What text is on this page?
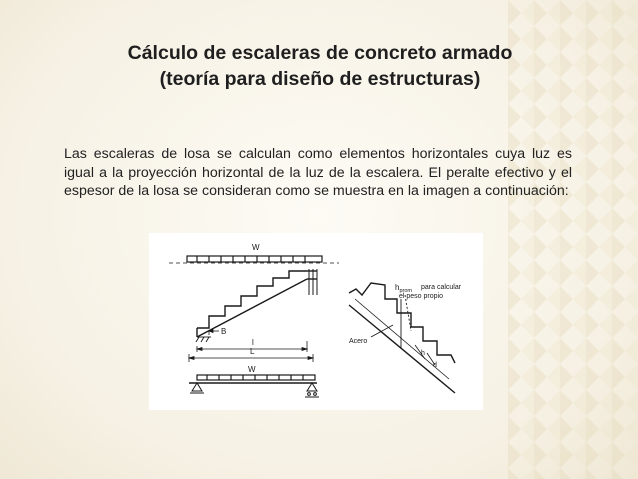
Cálculo de escaleras de concreto armado
(teoría para diseño de estructuras)
Las escaleras de losa se calculan como elementos horizontales cuya luz es igual a la proyección horizontal de la luz de la escalera. El peralte efectivo y el espesor de la losa se consideran como se muestra en la imagen a continuación:
W
B
l
L
W
$h_{prom}$ para calcular
el peso propio
Acero
h
d
